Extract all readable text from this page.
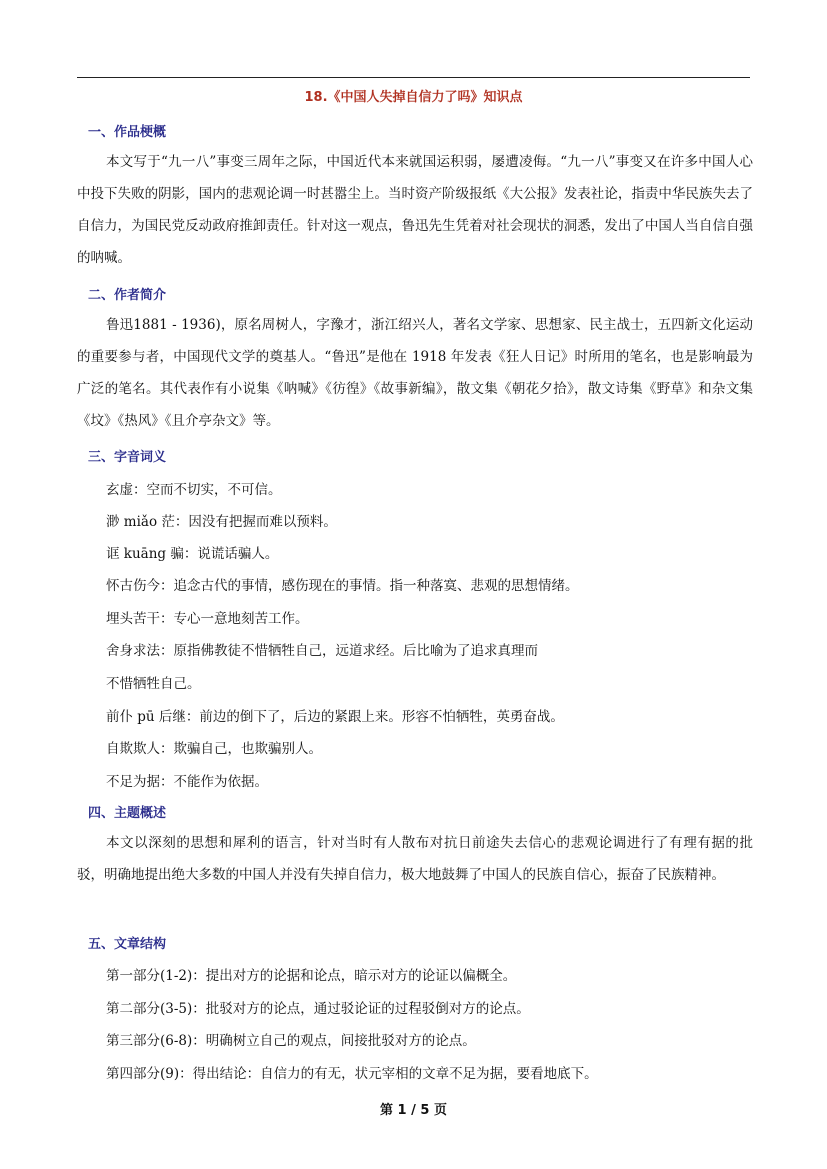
18.《中国人失掉自信力了吗》知识点
一、作品梗概
本文写于“九一八”事变三周年之际，中国近代本来就国运积弱，屡遭凌侮。“九一八”事变又在许多中国人心中投下失败的阴影，国内的悲观论调一时甚嚣尘上。当时资产阶级报纸《大公报》发表社论，指责中华民族失去了自信力，为国民党反动政府推卸责任。针对这一观点，鲁迅先生凭着对社会现状的洞悉，发出了中国人当自信自强的呐喊。
二、作者简介
鲁迅1881 - 1936)，原名周树人，字豫才，浙江绍兴人，著名文学家、思想家、民主战士，五四新文化运动的重要参与者，中国现代文学的奠基人。“鲁迅”是他在 1918 年发表《狂人日记》时所用的笔名，也是影响最为广泛的笔名。其代表作有小说集《呐喊》《彷徨》《故事新编》，散文集《朝花夕拾》，散文诗集《野草》和杂文集《坟》《热风》《且介亭杂文》等。
三、字音词义
玄虚：空而不切实，不可信。
渺 miǎo 茫：因没有把握而难以预料。
诓 kuāng 骗：说谎话骗人。
怀古伤今：追念古代的事情，感伤现在的事情。指一种落寞、悲观的思想情绪。
埋头苦干：专心一意地刻苦工作。
舍身求法：原指佛教徒不惜牺牲自己，远道求经。后比喻为了追求真理而
不惜牺牲自己。
前仆 pū 后继：前边的倒下了，后边的紧跟上来。形容不怕牺牲，英勇奋战。
自欺欺人：欺骗自己，也欺骗别人。
不足为据：不能作为依据。
四、主题概述
本文以深刻的思想和犀利的语言，针对当时有人散布对抗日前途失去信心的悲观论调进行了有理有据的批驳，明确地提出绝大多数的中国人并没有失掉自信力，极大地鼓舞了中国人的民族自信心，振奋了民族精神。
五、文章结构
第一部分(1-2)：提出对方的论据和论点，暗示对方的论证以偏概全。
第二部分(3-5)：批驳对方的论点，通过驳论证的过程驳倒对方的论点。
第三部分(6-8)：明确树立自己的观点，间接批驳对方的论点。
第四部分(9)：得出结论：自信力的有无，状元宰相的文章不足为据，要看地底下。
第 1 / 5 页
